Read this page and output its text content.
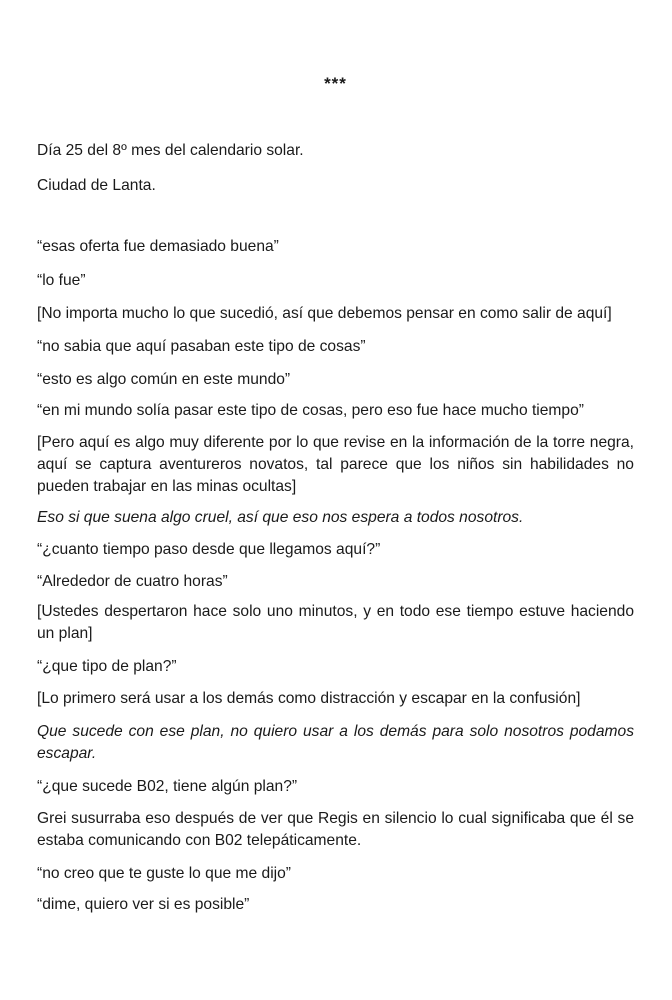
***

Día 25 del 8º mes del calendario solar.

Ciudad de Lanta.

“esas oferta fue demasiado buena”

“lo fue”

[No importa mucho lo que sucedió, así que debemos pensar en como salir de aquí]

“no sabia que aquí pasaban este tipo de cosas”

“esto es algo común en este mundo”

“en mi mundo solía pasar este tipo de cosas, pero eso fue hace mucho tiempo”

[Pero aquí es algo muy diferente por lo que revise en la información de la torre negra, aquí se captura aventureros novatos, tal parece que los niños sin habilidades no pueden trabajar en las minas ocultas]

Eso si que suena algo cruel, así que eso nos espera a todos nosotros.

“¿cuanto tiempo paso desde que llegamos aquí?”

“Alrededor de cuatro horas”

[Ustedes despertaron hace solo uno minutos, y en todo ese tiempo estuve haciendo un plan]

“¿que tipo de plan?”

[Lo primero será usar a los demás como distracción y escapar en la confusión]

Que sucede con ese plan, no quiero usar a los demás para solo nosotros podamos escapar.

“¿que sucede B02, tiene algún plan?”

Grei susurraba eso después de ver que Regis en silencio lo cual significaba que él se estaba comunicando con B02 telepáticamente.

“no creo que te guste lo que me dijo”

“dime, quiero ver si es posible”
